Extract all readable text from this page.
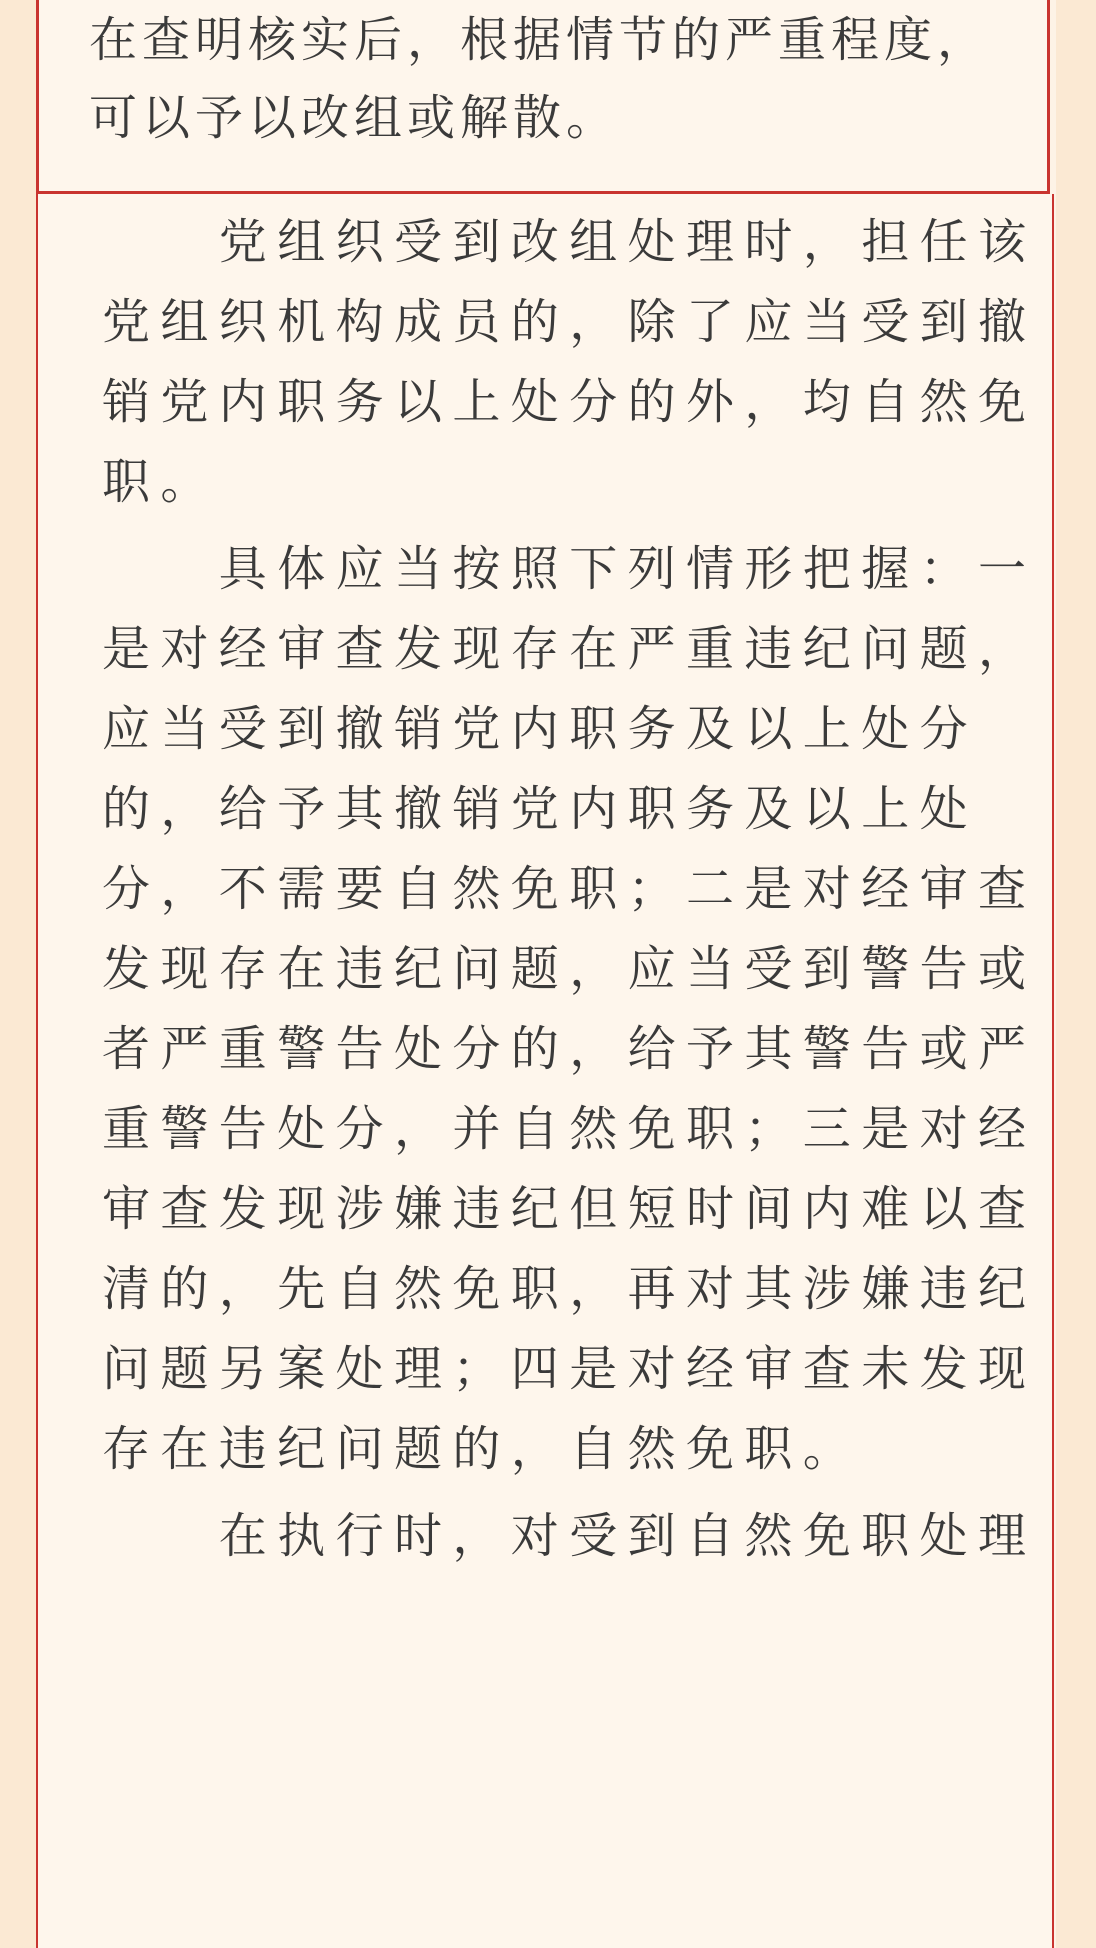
在查明核实后，根据情节的严重程度，
可以予以改组或解散。
　　党组织受到改组处理时，担任该
党组织机构成员的，除了应当受到撤
销党内职务以上处分的外，均自然免
职。
　　具体应当按照下列情形把握：一
是对经审查发现存在严重违纪问题，
应当受到撤销党内职务及以上处分
的，给予其撤销党内职务及以上处
分，不需要自然免职；二是对经审查
发现存在违纪问题，应当受到警告或
者严重警告处分的，给予其警告或严
重警告处分，并自然免职；三是对经
审查发现涉嫌违纪但短时间内难以查
清的，先自然免职，再对其涉嫌违纪
问题另案处理；四是对经审查未发现
存在违纪问题的，自然免职。
　　在执行时，对受到自然免职处理
